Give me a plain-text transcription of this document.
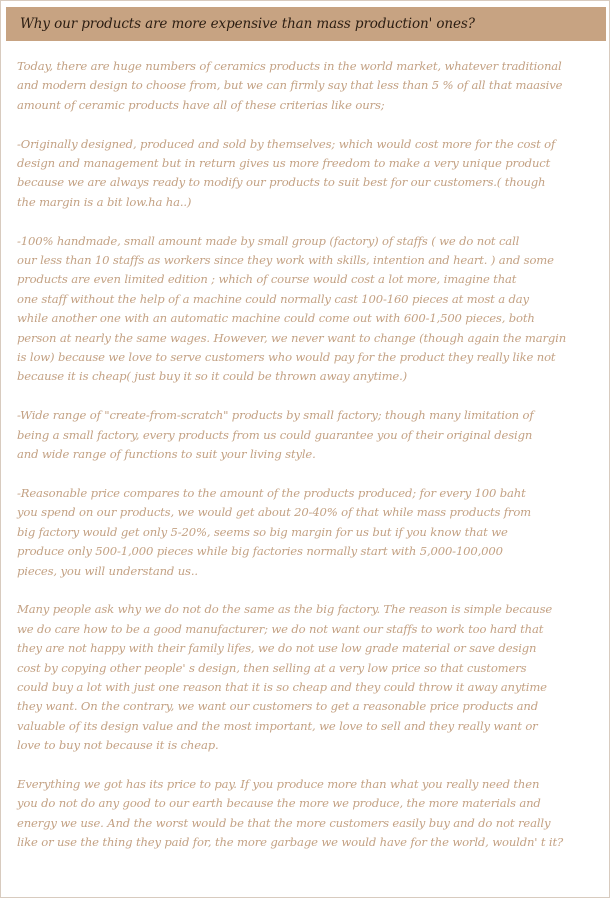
Why our products are more expensive than mass production' ones?

Today, there are huge numbers of ceramics products in the world market, whatever traditional
and modern design to choose from, but we can firmly say that less than 5 % of all that maasive
amount of ceramic products have all of these criterias like ours;

-Originally designed, produced and sold by themselves; which would cost more for the cost of
design and management but in return gives us more freedom to make a very unique product
because we are always ready to modify our products to suit best for our customers.( though
the margin is a bit low.ha ha..)

-100% handmade, small amount made by small group (factory) of staffs ( we do not call
our less than 10 staffs as workers since they work with skills, intention and heart. ) and some
products are even limited edition ; which of course would cost a lot more, imagine that
one staff without the help of a machine could normally cast 100-160 pieces at most a day
while another one with an automatic machine could come out with 600-1,500 pieces, both
person at nearly the same wages. However, we never want to change (though again the margin
is low) because we love to serve customers who would pay for the product they really like not
because it is cheap( just buy it so it could be thrown away anytime.)

-Wide range of "create-from-scratch" products by small factory; though many limitation of
being a small factory, every products from us could guarantee you of their original design
and wide range of functions to suit your living style.

-Reasonable price compares to the amount of the products produced; for every 100 baht
you spend on our products, we would get about 20-40% of that while mass products from
big factory would get only 5-20%, seems so big margin for us but if you know that we
produce only 500-1,000 pieces while big factories normally start with 5,000-100,000
pieces, you will understand us..

Many people ask why we do not do the same as the big factory. The reason is simple because
we do care how to be a good manufacturer; we do not want our staffs to work too hard that
they are not happy with their family lifes, we do not use low grade material or save design
cost by copying other people' s design, then selling at a very low price so that customers
could buy a lot with just one reason that it is so cheap and they could throw it away anytime
they want. On the contrary, we want our customers to get a reasonable price products and
valuable of its design value and the most important, we love to sell and they really want or
love to buy not because it is cheap.

Everything we got has its price to pay. If you produce more than what you really need then
you do not do any good to our earth because the more we produce, the more materials and
energy we use. And the worst would be that the more customers easily buy and do not really
like or use the thing they paid for, the more garbage we would have for the world, wouldn' t it?
